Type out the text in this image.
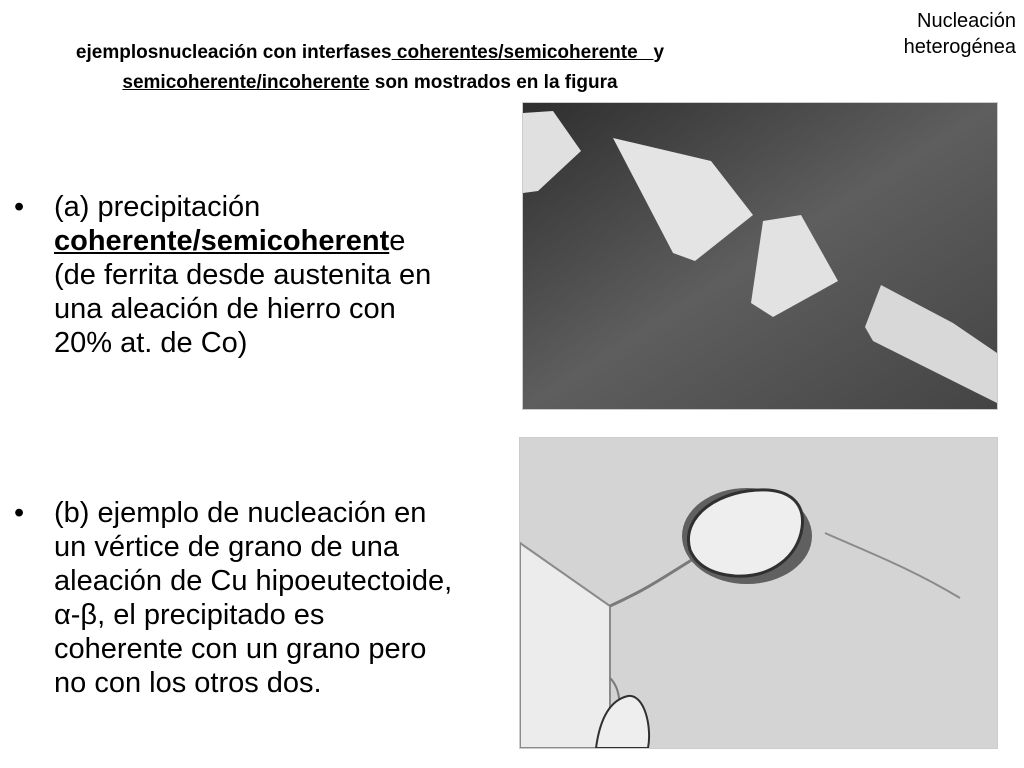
Nucleación
heterogénea
ejemplosnucleación con interfases coherentes/semicoherente   y
semicoherente/incoherente son mostrados en la figura
• (a) precipitación coherente/semicoherente (de ferrita desde austenita en una aleación de hierro con 20% at. de Co)
• (b) ejemplo de nucleación en un vértice de grano de una aleación de Cu hipoeutectoide, α-β, el precipitado es coherente con un grano pero no con los otros dos.
